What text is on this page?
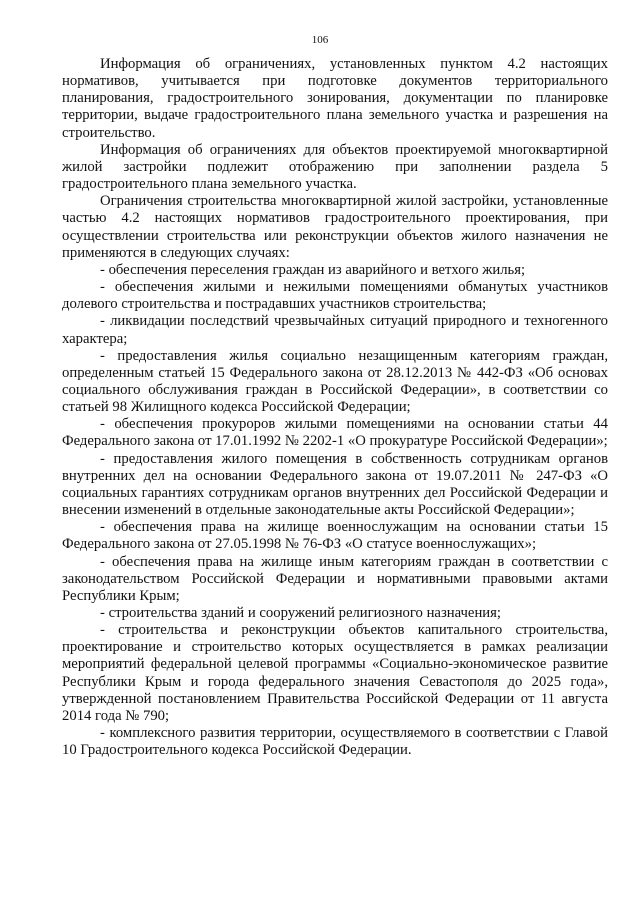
106

Информация об ограничениях, установленных пунктом 4.2 настоящих нормативов, учитывается при подготовке документов территориального планирования, градостроительного зонирования, документации по планировке территории, выдаче градостроительного плана земельного участка и разрешения на строительство.

Информация об ограничениях для объектов проектируемой многоквартирной жилой застройки подлежит отображению при заполнении раздела 5 градостроительного плана земельного участка.

Ограничения строительства многоквартирной жилой застройки, установленные частью 4.2 настоящих нормативов градостроительного проектирования, при осуществлении строительства или реконструкции объектов жилого назначения не применяются в следующих случаях:

- обеспечения переселения граждан из аварийного и ветхого жилья;

- обеспечения жилыми и нежилыми помещениями обманутых участников долевого строительства и пострадавших участников строительства;

- ликвидации последствий чрезвычайных ситуаций природного и техногенного характера;

- предоставления жилья социально незащищенным категориям граждан, определенным статьей 15 Федерального закона от 28.12.2013 № 442-ФЗ «Об основах социального обслуживания граждан в Российской Федерации», в соответствии со статьей 98 Жилищного кодекса Российской Федерации;

- обеспечения прокуроров жилыми помещениями на основании статьи 44 Федерального закона от 17.01.1992 № 2202-1 «О прокуратуре Российской Федерации»;

- предоставления жилого помещения в собственность сотрудникам органов внутренних дел на основании Федерального закона от 19.07.2011 № 247-ФЗ «О социальных гарантиях сотрудникам органов внутренних дел Российской Федерации и внесении изменений в отдельные законодательные акты Российской Федерации»;

- обеспечения права на жилище военнослужащим на основании статьи 15 Федерального закона от 27.05.1998 № 76-ФЗ «О статусе военнослужащих»;

- обеспечения права на жилище иным категориям граждан в соответствии с законодательством Российской Федерации и нормативными правовыми актами Республики Крым;

- строительства зданий и сооружений религиозного назначения;

- строительства и реконструкции объектов капитального строительства, проектирование и строительство которых осуществляется в рамках реализации мероприятий федеральной целевой программы «Социально-экономическое развитие Республики Крым и города федерального значения Севастополя до 2025 года», утвержденной постановлением Правительства Российской Федерации от 11 августа 2014 года № 790;

- комплексного развития территории, осуществляемого в соответствии с Главой 10 Градостроительного кодекса Российской Федерации.
